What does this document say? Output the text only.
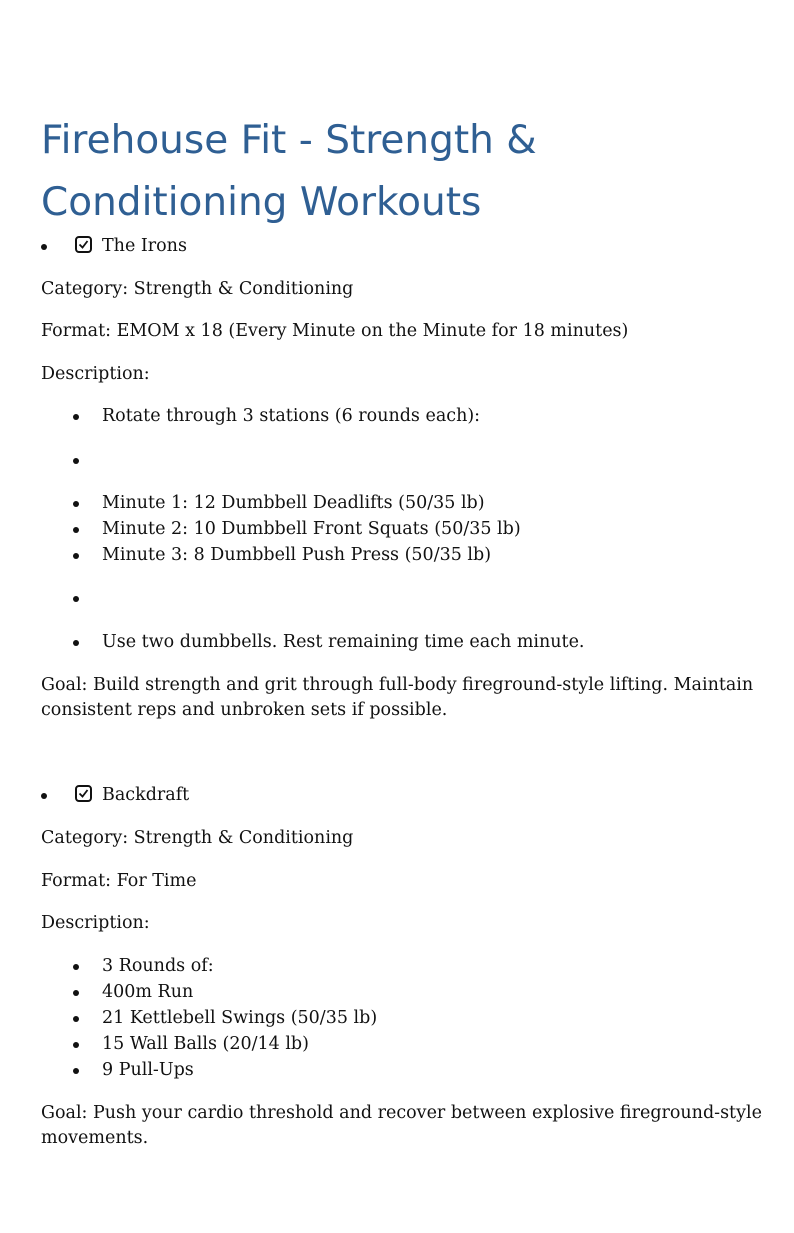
Firehouse Fit - Strength & Conditioning Workouts
The Irons
Category: Strength & Conditioning
Format: EMOM x 18 (Every Minute on the Minute for 18 minutes)
Description:
Rotate through 3 stations (6 rounds each):
Minute 1: 12 Dumbbell Deadlifts (50/35 lb)
Minute 2: 10 Dumbbell Front Squats (50/35 lb)
Minute 3: 8 Dumbbell Push Press (50/35 lb)
Use two dumbbells. Rest remaining time each minute.
Goal: Build strength and grit through full-body fireground-style lifting. Maintain consistent reps and unbroken sets if possible.
Backdraft
Category: Strength & Conditioning
Format: For Time
Description:
3 Rounds of:
400m Run
21 Kettlebell Swings (50/35 lb)
15 Wall Balls (20/14 lb)
9 Pull-Ups
Goal: Push your cardio threshold and recover between explosive fireground-style movements.
